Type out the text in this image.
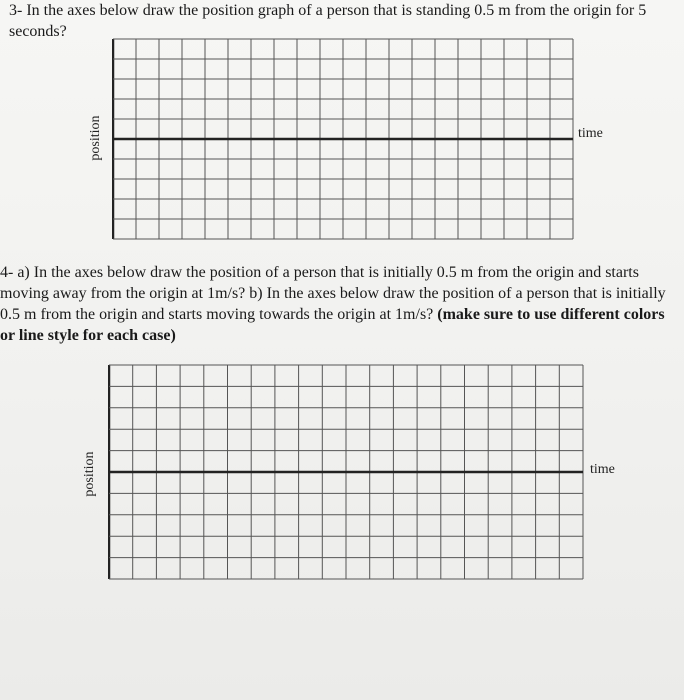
3- In the axes below draw the position graph of a person that is standing 0.5 m from the origin for 5 seconds?

position	time

4- a) In the axes below draw the position of a person that is initially 0.5 m from the origin and starts moving away from the origin at 1m/s? b) In the axes below draw the position of a person that is initially 0.5 m from the origin and starts moving towards the origin at 1m/s? (make sure to use different colors or line style for each case)

position	time
